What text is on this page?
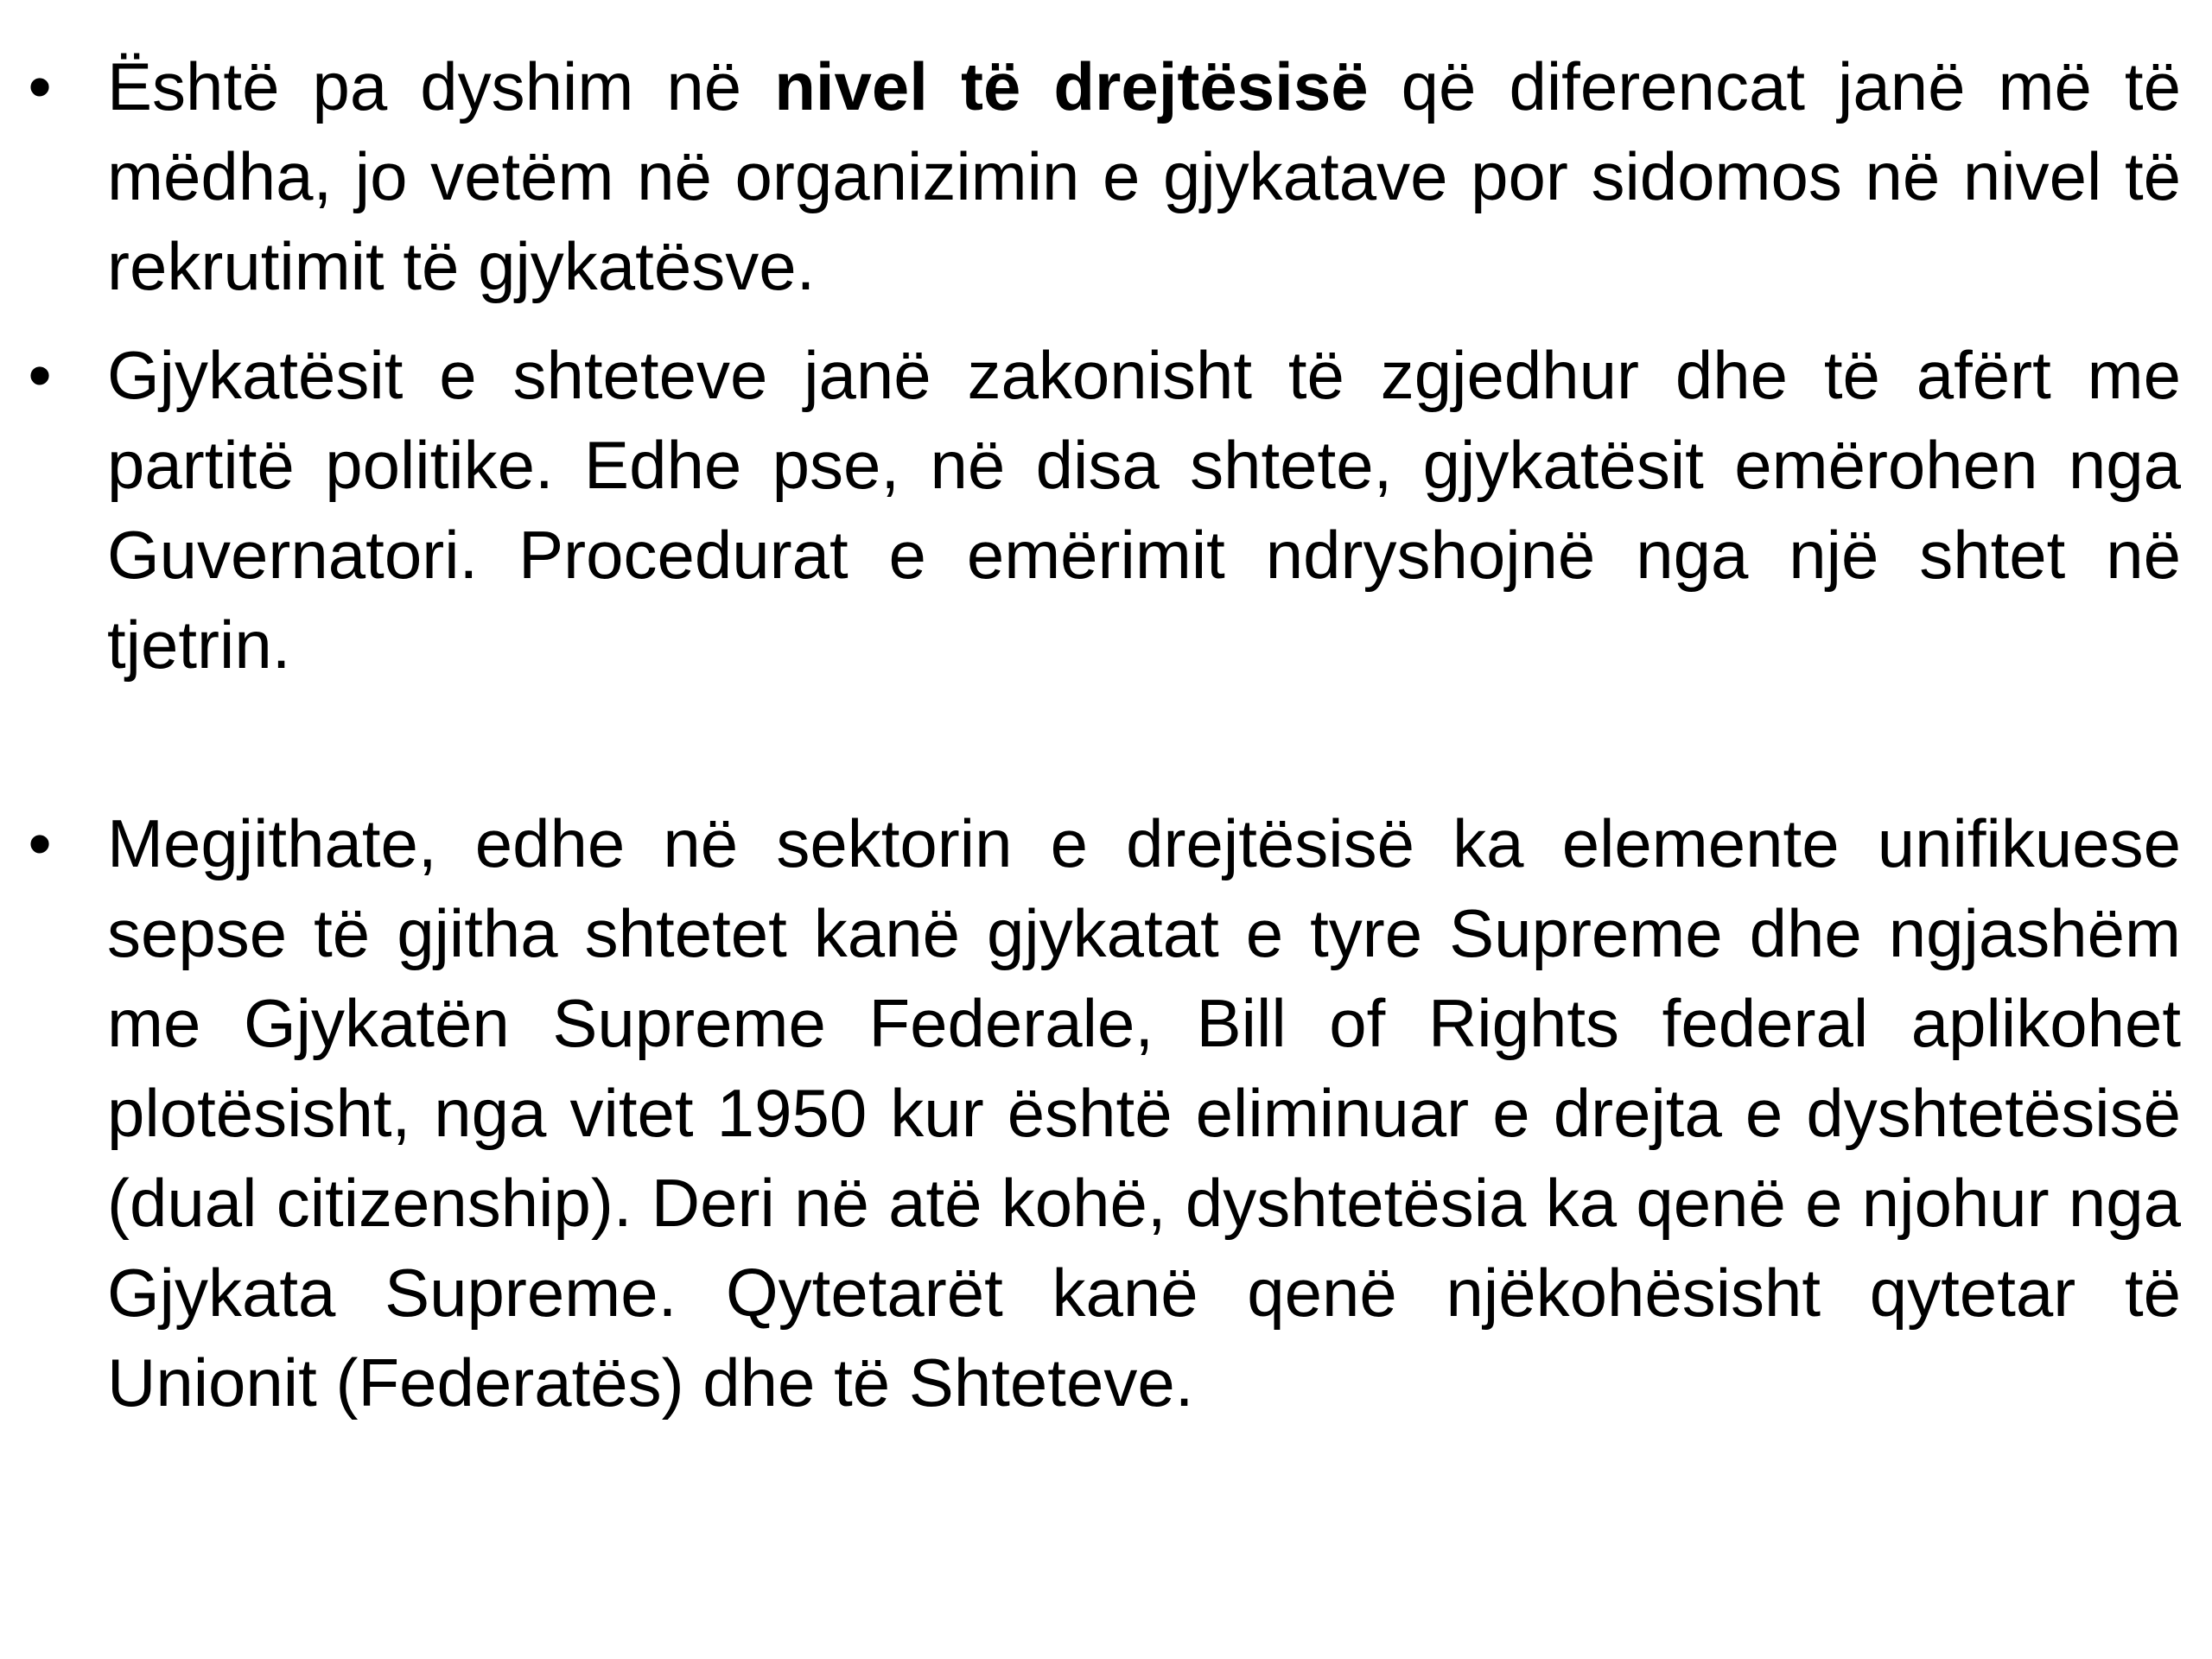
• Është pa dyshim në nivel të drejtësisë që diferencat janë më të mëdha, jo vetëm në organizimin e gjykatave por sidomos në nivel të rekrutimit të gjykatësve.
• Gjykatësit e shteteve janë zakonisht të zgjedhur dhe të afërt me partitë politike. Edhe pse, në disa shtete, gjykatësit emërohen nga Guvernatori. Procedurat e emërimit ndryshojnë nga një shtet në tjetrin.
• Megjithate, edhe në sektorin e drejtësisë ka elemente unifikuese sepse të gjitha shtetet kanë gjykatat e tyre Supreme dhe ngjashëm me Gjykatën Supreme Federale, Bill of Rights federal aplikohet plotësisht, nga vitet 1950 kur është eliminuar e drejta e dyshtetësisë (dual citizenship). Deri në atë kohë, dyshtetësia ka qenë e njohur nga Gjykata Supreme. Qytetarët kanë qenë njëkohësisht qytetar të Unionit (Federatës) dhe të Shteteve.
